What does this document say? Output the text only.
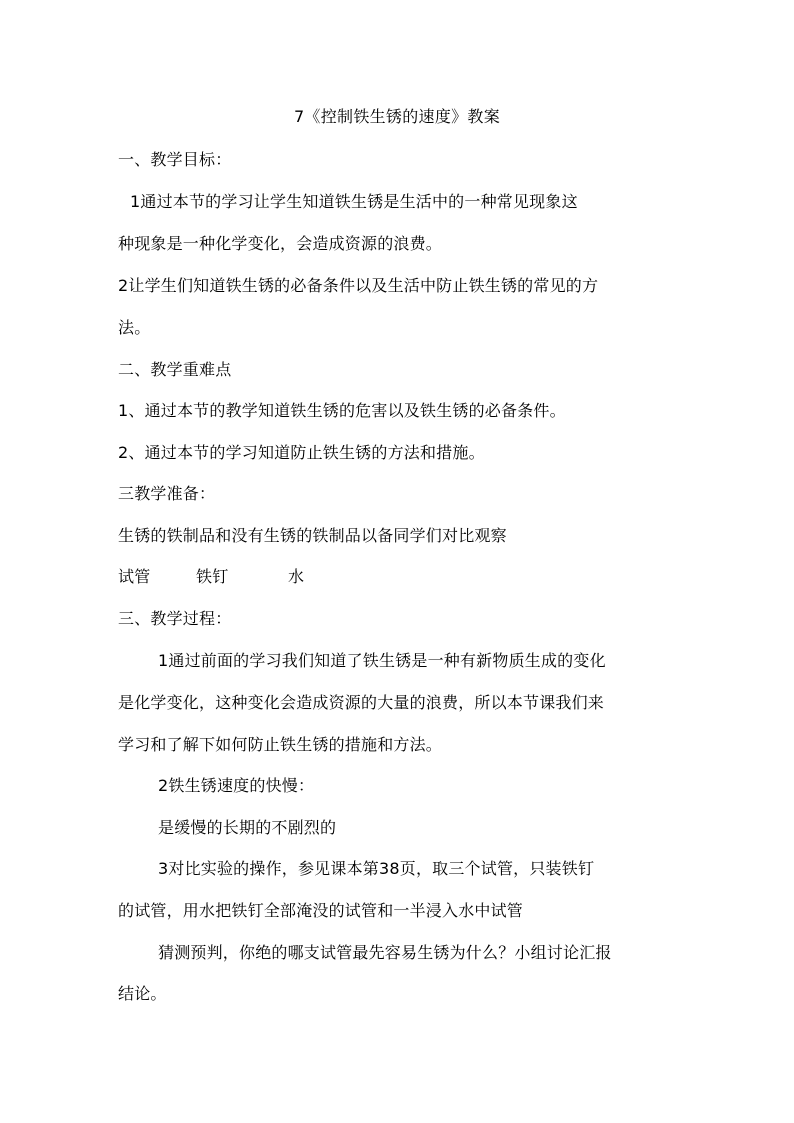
7《控制铁生锈的速度》教案
一、教学目标：
1通过本节的学习让学生知道铁生锈是生活中的一种常见现象这
种现象是一种化学变化，会造成资源的浪费。
2让学生们知道铁生锈的必备条件以及生活中防止铁生锈的常见的方
法。
二、教学重难点
1、通过本节的教学知道铁生锈的危害以及铁生锈的必备条件。
2、通过本节的学习知道防止铁生锈的方法和措施。
三教学准备：
生锈的铁制品和没有生锈的铁制品以备同学们对比观察
试管	铁钉	水
三、教学过程：
1通过前面的学习我们知道了铁生锈是一种有新物质生成的变化
是化学变化，这种变化会造成资源的大量的浪费，所以本节课我们来
学习和了解下如何防止铁生锈的措施和方法。
2铁生锈速度的快慢：
是缓慢的长期的不剧烈的
3对比实验的操作，参见课本第38页，取三个试管，只装铁钉
的试管，用水把铁钉全部淹没的试管和一半浸入水中试管
猜测预判，你绝的哪支试管最先容易生锈为什么？小组讨论汇报
结论。
